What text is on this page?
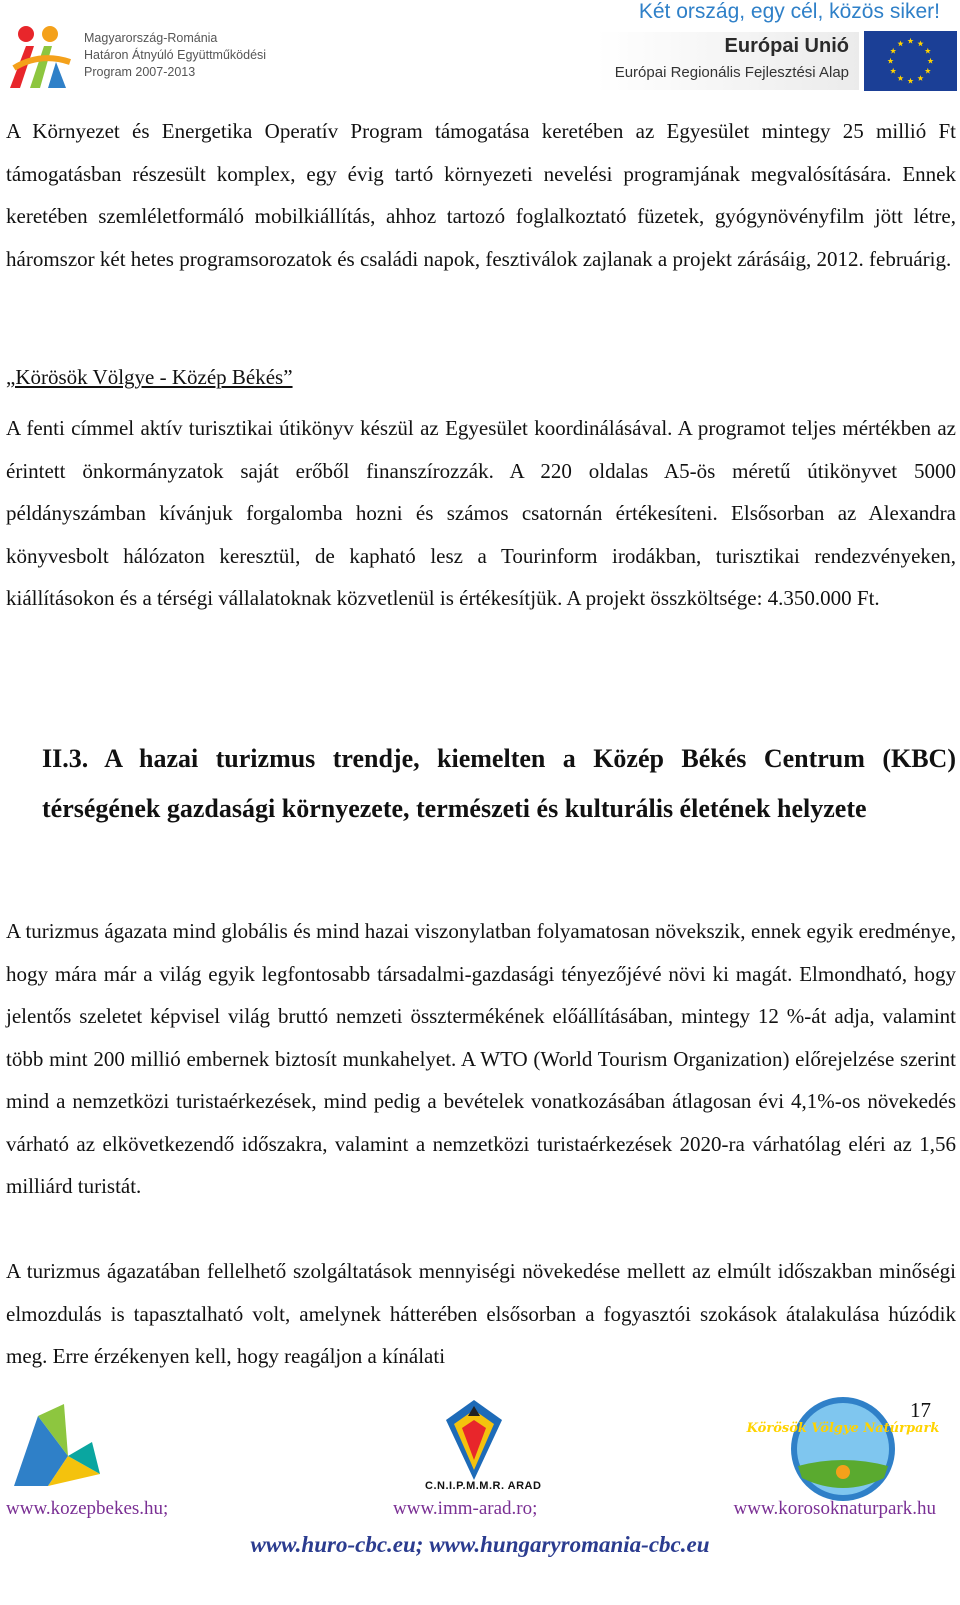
Két ország, egy cél, közös siker!
Magyarország-Románia
Határon Átnyúló Együttműködési
Program 2007-2013
Európai Unió
Európai Regionális Fejlesztési Alap
A Környezet és Energetika Operatív Program támogatása keretében az Egyesület mintegy 25 millió Ft támogatásban részesült komplex, egy évig tartó környezeti nevelési programjának megvalósítására. Ennek keretében szemléletformáló mobilkiállítás, ahhoz tartozó foglalkoztató füzetek, gyógynövényfilm jött létre, háromszor két hetes programsorozatok és családi napok, fesztiválok zajlanak a projekt zárásáig, 2012. februárig.
„Körösök Völgye - Közép Békés”
A fenti címmel aktív turisztikai útikönyv készül az Egyesület koordinálásával. A programot teljes mértékben az érintett önkormányzatok saját erőből finanszírozzák. A 220 oldalas A5-ös méretű útikönyvet 5000 példányszámban kívánjuk forgalomba hozni és számos csatornán értékesíteni. Elsősorban az Alexandra könyvesbolt hálózaton keresztül, de kapható lesz a Tourinform irodákban, turisztikai rendezvényeken, kiállításokon és a térségi vállalatoknak közvetlenül is értékesítjük. A projekt összköltsége: 4.350.000 Ft.
II.3. A hazai turizmus trendje, kiemelten a Közép Békés Centrum (KBC) térségének gazdasági környezete, természeti és kulturális életének helyzete
A turizmus ágazata mind globális és mind hazai viszonylatban folyamatosan növekszik, ennek egyik eredménye, hogy mára már a világ egyik legfontosabb társadalmi-gazdasági tényezőjévé növi ki magát. Elmondható, hogy jelentős szeletet képvisel világ bruttó nemzeti össztermékének előállításában, mintegy 12 %-át adja, valamint több mint 200 millió embernek biztosít munkahelyet. A WTO (World Tourism Organization) előrejelzése szerint mind a nemzetközi turistaérkezések, mind pedig a bevételek vonatkozásában átlagosan évi 4,1%-os növekedés várható az elkövetkezendő időszakra, valamint a nemzetközi turistaérkezések 2020-ra várhatólag eléri az 1,56 milliárd turistát.
A turizmus ágazatában fellelhető szolgáltatások mennyiségi növekedése mellett az elmúlt időszakban minőségi elmozdulás is tapasztalható volt, amelynek hátterében elsősorban a fogyasztói szokások átalakulása húzódik meg. Erre érzékenyen kell, hogy reagáljon a kínálati
17
C.N.I.P.M.M.R. ARAD
Körösök Völgye Natúrpark
www.kozepbekes.hu;	www.imm-arad.ro;	www.korosoknaturpark.hu
www.huro-cbc.eu; www.hungaryromania-cbc.eu
